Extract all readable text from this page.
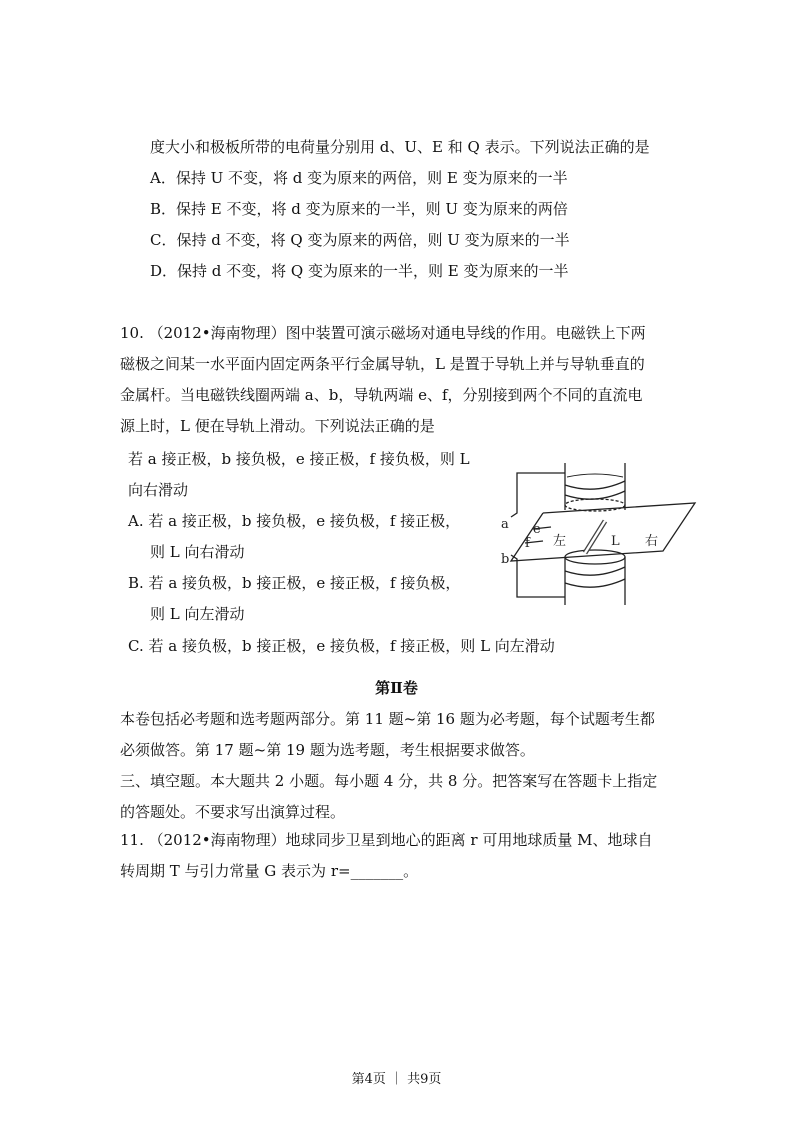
度大小和极板所带的电荷量分别用 d、U、E 和 Q 表示。下列说法正确的是
A．保持 U 不变，将 d 变为原来的两倍，则 E 变为原来的一半
B．保持 E 不变，将 d 变为原来的一半，则 U 变为原来的两倍
C．保持 d 不变，将 Q 变为原来的两倍，则 U 变为原来的一半
D．保持 d 不变，将 Q 变为原来的一半，则 E 变为原来的一半
10. （2012•海南物理）图中装置可演示磁场对通电导线的作用。电磁铁上下两
磁极之间某一水平面内固定两条平行金属导轨，L 是置于导轨上并与导轨垂直的
金属杆。当电磁铁线圈两端 a、b，导轨两端 e、f，分别接到两个不同的直流电
源上时，L 便在导轨上滑动。下列说法正确的是
若 a 接正极，b 接负极，e 接正极，f 接负极，则 L
向右滑动
A. 若 a 接正极，b 接负极，e 接负极，f 接正极，
则 L 向右滑动
B. 若 a 接负极，b 接正极，e 接正极，f 接负极，
则 L 向左滑动
C. 若 a 接负极，b 接正极，e 接负极，f 接正极，则 L 向左滑动
a
b
e
f 左	L 右
第Ⅱ卷
本卷包括必考题和选考题两部分。第 11 题~第 16 题为必考题，每个试题考生都
必须做答。第 17 题~第 19 题为选考题，考生根据要求做答。
三、填空题。本大题共 2 小题。每小题 4 分，共 8 分。把答案写在答题卡上指定
的答题处。不要求写出演算过程。
11. （2012•海南物理）地球同步卫星到地心的距离 r 可用地球质量 M、地球自
转周期 T 与引力常量 G 表示为 r=_______。
第4页 ｜ 共9页
